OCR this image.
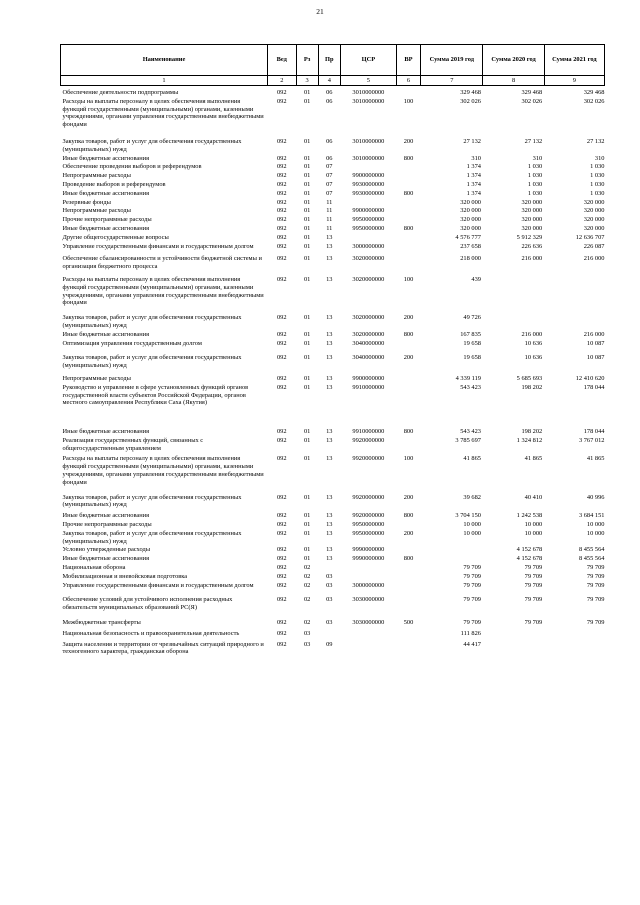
21
Наименование	Вед	Рз	Пр	ЦСР	ВР	Сумма 2019 год	Сумма 2020 год	Сумма 2021 год
1	2	3	4	5	6	7	8	9
Обеспечение деятельности подпрограммы	092	01	06	3010000000		329 468	329 468	329 468
Расходы на выплаты персоналу в целях обеспечения выполнения функций государственными (муниципальными) органами, казенными учреждениями, органами управления государственными внебюджетными фондами	092	01	06	3010000000	100	302 026	302 026	302 026
Закупка товаров, работ и услуг для обеспечения государственных (муниципальных) нужд	092	01	06	3010000000	200	27 132	27 132	27 132
Иные бюджетные ассигнования	092	01	06	3010000000	800	310	310	310
Обеспечение проведения выборов и референдумов	092	01	07			1 374	1 030	1 030
Непрограммные расходы	092	01	07	9900000000		1 374	1 030	1 030
Проведение выборов и референдумов	092	01	07	9930000000		1 374	1 030	1 030
Иные бюджетные ассигнования	092	01	07	9930000000	800	1 374	1 030	1 030
Резервные фонды	092	01	11			320 000	320 000	320 000
Непрограммные расходы	092	01	11	9900000000		320 000	320 000	320 000
Прочие непрограммные расходы	092	01	11	9950000000		320 000	320 000	320 000
Иные бюджетные ассигнования	092	01	11	9950000000	800	320 000	320 000	320 000
Другие общегосударственные вопросы	092	01	13			4 576 777	5 912 329	12 636 707
Управление государственными финансами и государственным долгом	092	01	13	3000000000		237 658	226 636	226 087
Обеспечение сбалансированности и устойчивости бюджетной системы и организация бюджетного процесса	092	01	13	3020000000		218 000	216 000	216 000
Расходы на выплаты персоналу в целях обеспечения выполнения функций государственными (муниципальными) органами, казенными учреждениями, органами управления государственными внебюджетными фондами	092	01	13	3020000000	100	439		
Закупка товаров, работ и услуг для обеспечения государственных (муниципальных) нужд	092	01	13	3020000000	200	49 726		
Иные бюджетные ассигнования	092	01	13	3020000000	800	167 835	216 000	216 000
Оптимизация управления государственным долгом	092	01	13	3040000000		19 658	10 636	10 087
Закупка товаров, работ и услуг для обеспечения государственных (муниципальных) нужд	092	01	13	3040000000	200	19 658	10 636	10 087
Непрограммные расходы	092	01	13	9900000000		4 339 119	5 685 693	12 410 620
Руководство и управление в сфере установленных функций органов государственной власти субъектов Российской Федерации, органов местного самоуправления Республики Саха (Якутия)	092	01	13	9910000000		543 423	198 202	178 044
Иные бюджетные ассигнования	092	01	13	9910000000	800	543 423	198 202	178 044
Реализация государственных функций, связанных с общегосударственным управлением	092	01	13	9920000000		3 785 697	1 324 812	3 767 012
Расходы на выплаты персоналу в целях обеспечения выполнения функций государственными (муниципальными) органами, казенными учреждениями, органами управления государственными внебюджетными фондами	092	01	13	9920000000	100	41 865	41 865	41 865
Закупка товаров, работ и услуг для обеспечения государственных (муниципальных) нужд	092	01	13	9920000000	200	39 682	40 410	40 996
Иные бюджетные ассигнования	092	01	13	9920000000	800	3 704 150	1 242 538	3 684 151
Прочие непрограммные расходы	092	01	13	9950000000		10 000	10 000	10 000
Закупка товаров, работ и услуг для обеспечения государственных (муниципальных) нужд	092	01	13	9950000000	200	10 000	10 000	10 000
Условно утвержденные расходы	092	01	13	9990000000			4 152 678	8 455 564
Иные бюджетные ассигнования	092	01	13	9990000000	800		4 152 678	8 455 564
Национальная оборона	092	02				79 709	79 709	79 709
Мобилизационная и вневойсковая подготовка	092	02	03			79 709	79 709	79 709
Управление государственными финансами и государственным долгом	092	02	03	3000000000		79 709	79 709	79 709
Обеспечение условий для устойчивого исполнения расходных обязательств муниципальных образований РС(Я)	092	02	03	3030000000		79 709	79 709	79 709
Межбюджетные трансферты	092	02	03	3030000000	500	79 709	79 709	79 709
Национальная безопасность и правоохранительная деятельность	092	03				111 826		
Защита населения и территории от чрезвычайных ситуаций природного и техногенного характера, гражданская оборона	092	03	09			44 417		
